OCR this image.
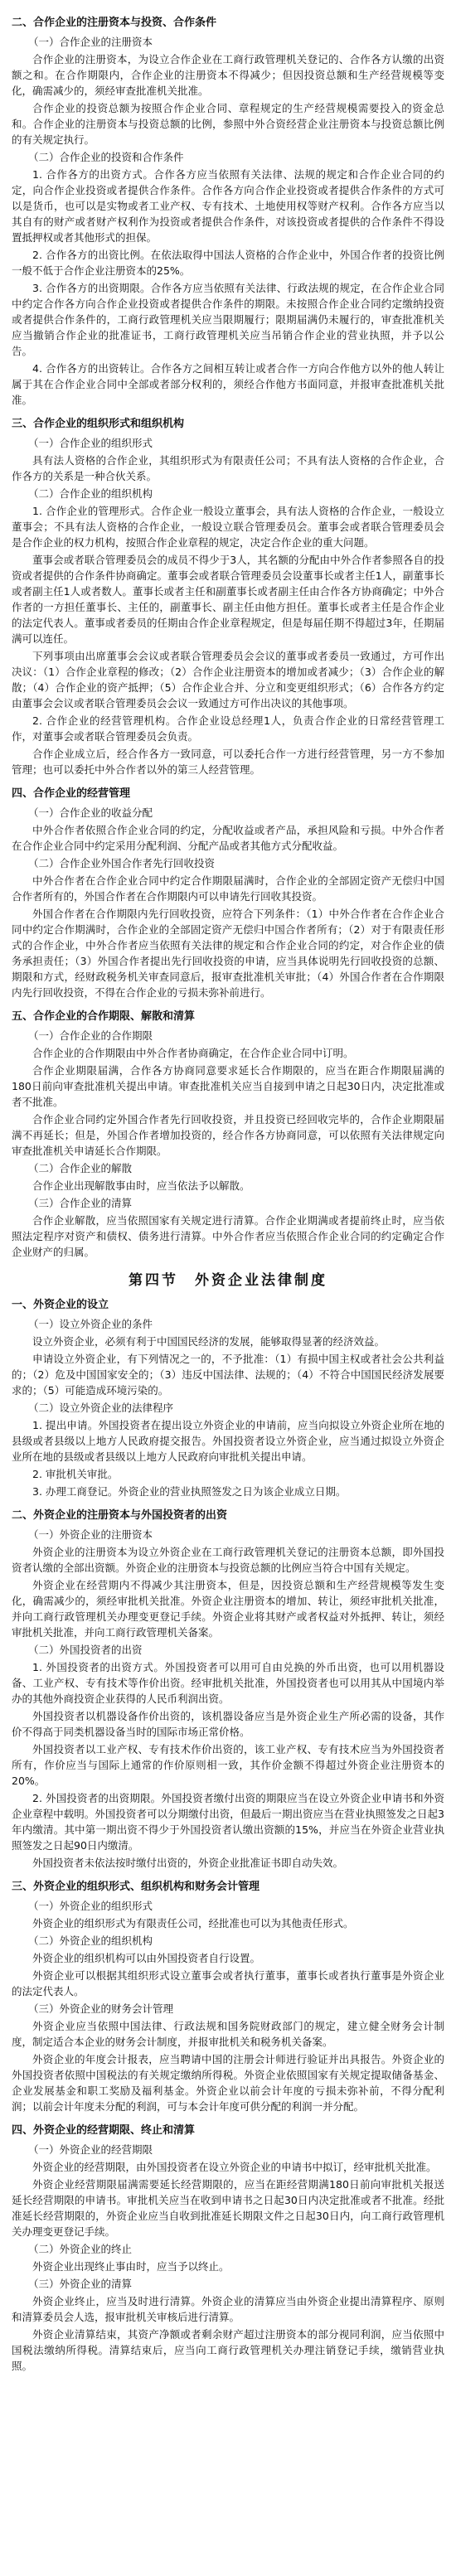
二、合作企业的注册资本与投资、合作条件
（一）合作企业的注册资本
合作企业的注册资本，为设立合作企业在工商行政管理机关登记的、合作各方认缴的出资额之和。在合作期限内，合作企业的注册资本不得减少；但因投资总额和生产经营规模等变化，确需减少的，须经审查批准机关批准。
合作企业的投资总额为按照合作企业合同、章程规定的生产经营规模需要投入的资金总和。合作企业的注册资本与投资总额的比例，参照中外合资经营企业注册资本与投资总额比例的有关规定执行。
（二）合作企业的投资和合作条件
1. 合作各方的出资方式。合作各方应当依照有关法律、法规的规定和合作企业合同的约定，向合作企业投资或者提供合作条件。合作各方向合作企业投资或者提供合作条件的方式可以是货币，也可以是实物或者工业产权、专有技术、土地使用权等财产权利。合作各方应当以其自有的财产或者财产权利作为投资或者提供合作条件，对该投资或者提供的合作条件不得设置抵押权或者其他形式的担保。
2. 合作各方的出资比例。在依法取得中国法人资格的合作企业中，外国合作者的投资比例一般不低于合作企业注册资本的25%。
3. 合作各方的出资期限。合作各方应当依照有关法律、行政法规的规定，在合作企业合同中约定合作各方向合作企业投资或者提供合作条件的期限。未按照合作企业合同约定缴纳投资或者提供合作条件的，工商行政管理机关应当限期履行；限期届满仍未履行的，审查批准机关应当撤销合作企业的批准证书，工商行政管理机关应当吊销合作企业的营业执照，并予以公告。
4. 合作各方的出资转让。合作各方之间相互转让或者合作一方向合作他方以外的他人转让属于其在合作企业合同中全部或者部分权利的，须经合作他方书面同意，并报审查批准机关批准。
三、合作企业的组织形式和组织机构
（一）合作企业的组织形式
具有法人资格的合作企业，其组织形式为有限责任公司；不具有法人资格的合作企业，合作各方的关系是一种合伙关系。
（二）合作企业的组织机构
1. 合作企业的管理形式。合作企业一般设立董事会，具有法人资格的合作企业，一般设立董事会；不具有法人资格的合作企业，一般设立联合管理委员会。董事会或者联合管理委员会是合作企业的权力机构，按照合作企业章程的规定，决定合作企业的重大问题。
董事会或者联合管理委员会的成员不得少于3人，其名额的分配由中外合作者参照各自的投资或者提供的合作条件协商确定。董事会或者联合管理委员会设董事长或者主任1人，副董事长或者副主任1人或者数人。董事长或者主任和副董事长或者副主任由合作各方协商确定；中外合作者的一方担任董事长、主任的，副董事长、副主任由他方担任。董事长或者主任是合作企业的法定代表人。董事或者委员的任期由合作企业章程规定，但是每届任期不得超过3年，任期届满可以连任。
下列事项由出席董事会会议或者联合管理委员会会议的董事或者委员一致通过，方可作出决议：（1）合作企业章程的修改；（2）合作企业注册资本的增加或者减少；（3）合作企业的解散；（4）合作企业的资产抵押；（5）合作企业合并、分立和变更组织形式；（6）合作各方约定由董事会会议或者联合管理委员会会议一致通过方可作出决议的其他事项。
2. 合作企业的经营管理机构。合作企业设总经理1人，负责合作企业的日常经营管理工作，对董事会或者联合管理委员会负责。
合作企业成立后，经合作各方一致同意，可以委托合作一方进行经营管理，另一方不参加管理；也可以委托中外合作者以外的第三人经营管理。
四、合作企业的经营管理
（一）合作企业的收益分配
中外合作者依照合作企业合同的约定，分配收益或者产品，承担风险和亏损。中外合作者在合作企业合同中约定采用分配利润、分配产品或者其他方式分配收益。
（二）合作企业外国合作者先行回收投资
中外合作者在合作企业合同中约定合作期限届满时，合作企业的全部固定资产无偿归中国合作者所有的，外国合作者在合作期限内可以申请先行回收其投资。
外国合作者在合作期限内先行回收投资，应符合下列条件：（1）中外合作者在合作企业合同中约定合作期满时，合作企业的全部固定资产无偿归中国合作者所有；（2）对于有限责任形式的合作企业，中外合作者应当依照有关法律的规定和合作企业合同的约定，对合作企业的债务承担责任；（3）外国合作者提出先行回收投资的申请，应当具体说明先行回收投资的总额、期限和方式，经财政税务机关审查同意后，报审查批准机关审批；（4）外国合作者在合作期限内先行回收投资，不得在合作企业的亏损未弥补前进行。
五、合作企业的合作期限、解散和清算
（一）合作企业的合作期限
合作企业的合作期限由中外合作者协商确定，在合作企业合同中订明。
合作企业期限届满，合作各方协商同意要求延长合作期限的，应当在距合作期限届满的180日前向审查批准机关提出申请。审查批准机关应当自接到申请之日起30日内，决定批准或者不批准。
合作企业合同约定外国合作者先行回收投资，并且投资已经回收完毕的，合作企业期限届满不再延长；但是，外国合作者增加投资的，经合作各方协商同意，可以依照有关法律规定向审查批准机关申请延长合作期限。
（二）合作企业的解散
合作企业出现解散事由时，应当依法予以解散。
（三）合作企业的清算
合作企业解散，应当依照国家有关规定进行清算。合作企业期满或者提前终止时，应当依照法定程序对资产和债权、债务进行清算。中外合作者应当依照合作企业合同的约定确定合作企业财产的归属。
第四节　外资企业法律制度
一、外资企业的设立
（一）设立外资企业的条件
设立外资企业，必须有利于中国国民经济的发展，能够取得显著的经济效益。
申请设立外资企业，有下列情况之一的，不予批准：（1）有损中国主权或者社会公共利益的；（2）危及中国国家安全的；（3）违反中国法律、法规的；（4）不符合中国国民经济发展要求的；（5）可能造成环境污染的。
（二）设立外资企业的法律程序
1. 提出申请。外国投资者在提出设立外资企业的申请前，应当向拟设立外资企业所在地的县级或者县级以上地方人民政府提交报告。外国投资者设立外资企业，应当通过拟设立外资企业所在地的县级或者县级以上地方人民政府向审批机关提出申请。
2. 审批机关审批。
3. 办理工商登记。外资企业的营业执照签发之日为该企业成立日期。
二、外资企业的注册资本与外国投资者的出资
（一）外资企业的注册资本
外资企业的注册资本为设立外资企业在工商行政管理机关登记的注册资本总额，即外国投资者认缴的全部出资额。外资企业的注册资本与投资总额的比例应当符合中国有关规定。
外资企业在经营期内不得减少其注册资本，但是，因投资总额和生产经营规模等发生变化，确需减少的，须经审批机关批准。外资企业注册资本的增加、转让，须经审批机关批准，并向工商行政管理机关办理变更登记手续。外资企业将其财产或者权益对外抵押、转让，须经审批机关批准，并向工商行政管理机关备案。
（二）外国投资者的出资
1. 外国投资者的出资方式。外国投资者可以用可自由兑换的外币出资，也可以用机器设备、工业产权、专有技术等作价出资。经审批机关批准，外国投资者也可以用其从中国境内举办的其他外商投资企业获得的人民币利润出资。
外国投资者以机器设备作价出资的，该机器设备应当是外资企业生产所必需的设备，其作价不得高于同类机器设备当时的国际市场正常价格。
外国投资者以工业产权、专有技术作价出资的，该工业产权、专有技术应当为外国投资者所有，作价应当与国际上通常的作价原则相一致，其作价金额不得超过外资企业注册资本的20%。
2. 外国投资者的出资期限。外国投资者缴付出资的期限应当在设立外资企业申请书和外资企业章程中载明。外国投资者可以分期缴付出资，但最后一期出资应当在营业执照签发之日起3年内缴清。其中第一期出资不得少于外国投资者认缴出资额的15%，并应当在外资企业营业执照签发之日起90日内缴清。
外国投资者未依法按时缴付出资的，外资企业批准证书即自动失效。
三、外资企业的组织形式、组织机构和财务会计管理
（一）外资企业的组织形式
外资企业的组织形式为有限责任公司，经批准也可以为其他责任形式。
（二）外资企业的组织机构
外资企业的组织机构可以由外国投资者自行设置。
外资企业可以根据其组织形式设立董事会或者执行董事，董事长或者执行董事是外资企业的法定代表人。
（三）外资企业的财务会计管理
外资企业应当依照中国法律、行政法规和国务院财政部门的规定，建立健全财务会计制度，制定适合本企业的财务会计制度，并报审批机关和税务机关备案。
外资企业的年度会计报表，应当聘请中国的注册会计师进行验证并出具报告。外资企业的外国投资者依照中国税法的有关规定缴纳所得税。外资企业依照国家有关规定提取储备基金、企业发展基金和职工奖励及福利基金。外资企业以前会计年度的亏损未弥补前，不得分配利润；以前会计年度未分配的利润，可与本会计年度可供分配的利润一并分配。
四、外资企业的经营期限、终止和清算
（一）外资企业的经营期限
外资企业的经营期限，由外国投资者在设立外资企业的申请书中拟订，经审批机关批准。
外资企业经营期限届满需要延长经营期限的，应当在距经营期满180日前向审批机关报送延长经营期限的申请书。审批机关应当在收到申请书之日起30日内决定批准或者不批准。经批准延长经营期限的，外资企业应当自收到批准延长期限文件之日起30日内，向工商行政管理机关办理变更登记手续。
（二）外资企业的终止
外资企业出现终止事由时，应当予以终止。
（三）外资企业的清算
外资企业终止，应当及时进行清算。外资企业的清算应当由外资企业提出清算程序、原则和清算委员会人选，报审批机关审核后进行清算。
外资企业清算结束，其资产净额或者剩余财产超过注册资本的部分视同利润，应当依照中国税法缴纳所得税。清算结束后，应当向工商行政管理机关办理注销登记手续，缴销营业执照。
